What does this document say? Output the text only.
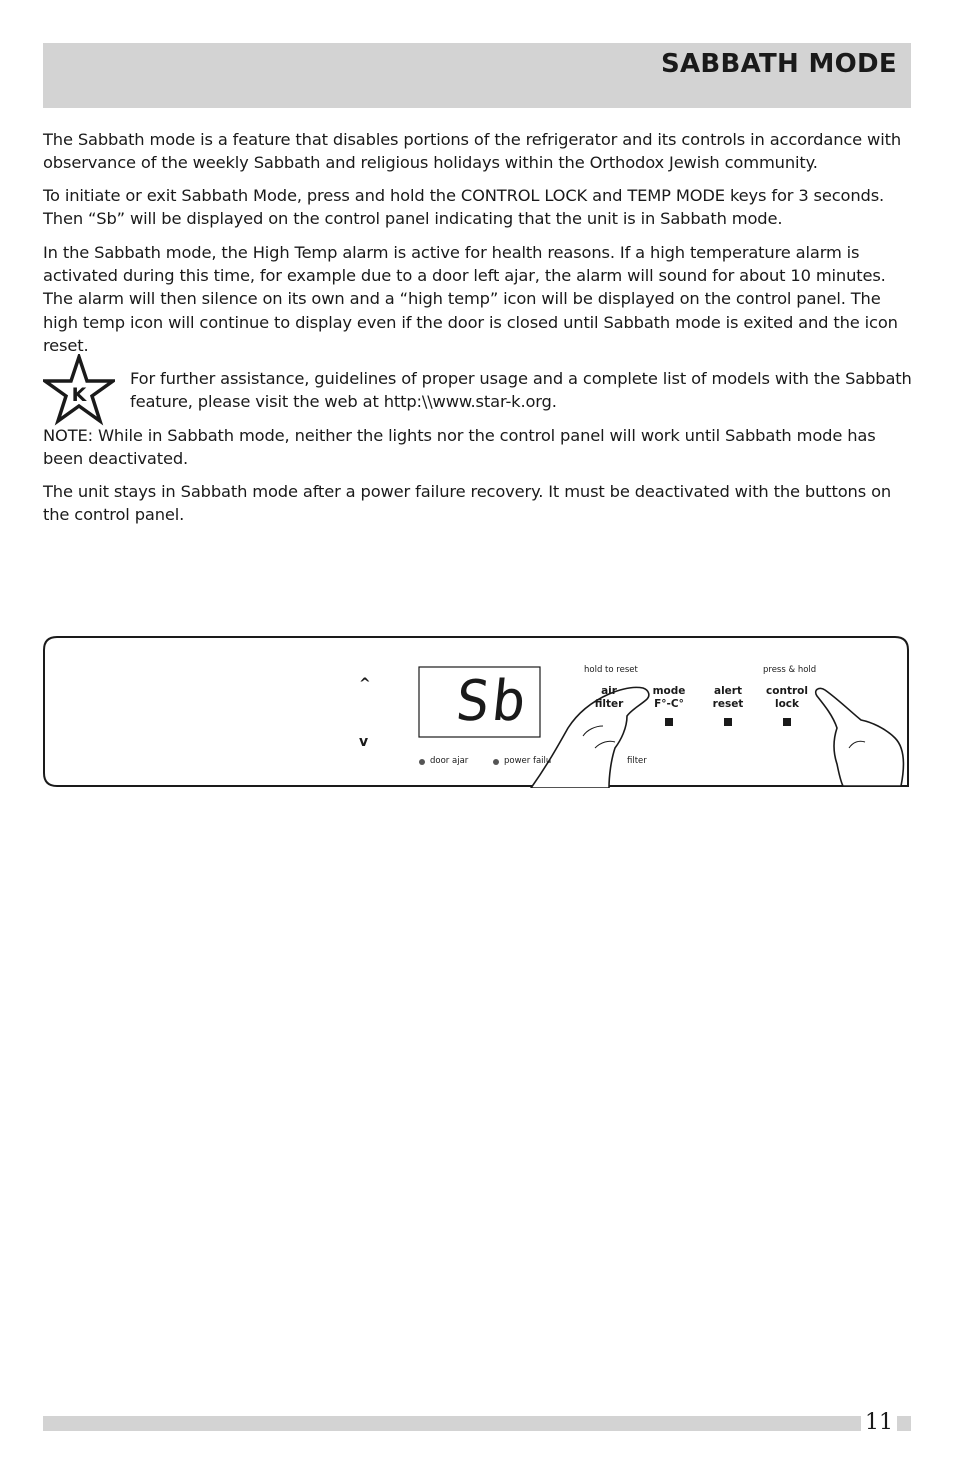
SABBATH MODE

The Sabbath mode is a feature that disables portions of the refrigerator and its controls in accordance with observance of the weekly Sabbath and religious holidays within the Orthodox Jewish community.

To initiate or exit Sabbath Mode, press and hold the CONTROL LOCK and TEMP MODE keys for 3 seconds. Then “Sb” will be displayed on the control panel indicating that the unit is in Sabbath mode.

In the Sabbath mode, the High Temp alarm is active for health reasons. If a high temperature alarm is activated during this time, for example due to a door left ajar, the alarm will sound for about 10 minutes. The alarm will then silence on its own and a “high temp” icon will be displayed on the control panel. The high temp icon will continue to display even if the door is closed until Sabbath mode is exited and the icon reset.

K

For further assistance, guidelines of proper usage and a complete list of models with the Sabbath feature, please visit the web at http:\\www.star-k.org.

NOTE: While in Sabbath mode, neither the lights nor the control panel will work until Sabbath mode has been deactivated.

The unit stays in Sabbath mode after a power failure recovery. It must be deactivated with the buttons on the control panel.

^
v
Sb	hold to reset	press & hold
air
filter
mode
F°-C°
alert
reset
control
lock
door ajar	power failu	filter
11
